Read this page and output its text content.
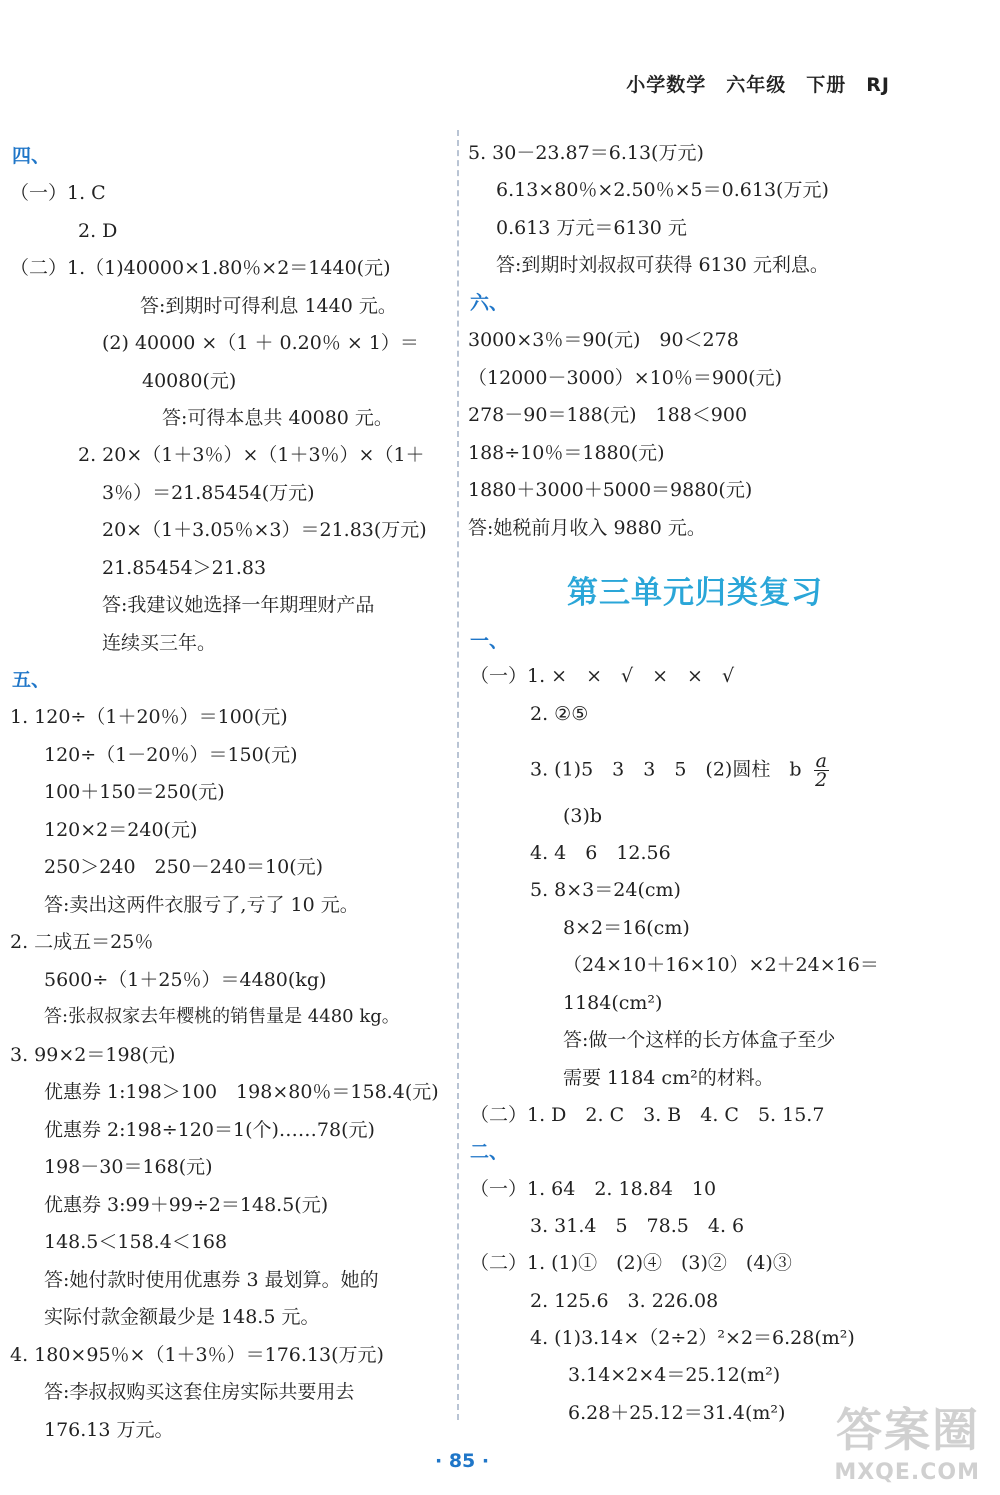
小学数学　六年级　下册　RJ
四、
（一）1. C
2. D
（二）1.（1)40000×1.80％×2＝1440(元)
答:到期时可得利息 1440 元。
(2) 40000 ×（1 ＋ 0.20％ × 1）＝
40080(元)
答:可得本息共 40080 元。
2. 20×（1＋3％）×（1＋3％）×（1＋
3％）＝21.85454(万元)
20×（1＋3.05％×3）＝21.83(万元)
21.85454＞21.83
答:我建议她选择一年期理财产品
连续买三年。
五、
1. 120÷（1＋20％）＝100(元)
120÷（1－20％）＝150(元)
100＋150＝250(元)
120×2＝240(元)
250＞240　250－240＝10(元)
答:卖出这两件衣服亏了,亏了 10 元。
2. 二成五＝25％
5600÷（1＋25％）＝4480(kg)
答:张叔叔家去年樱桃的销售量是 4480 kg。
3. 99×2＝198(元)
优惠券 1:198＞100　198×80％＝158.4(元)
优惠券 2:198÷120＝1(个)……78(元)
198－30＝168(元)
优惠券 3:99＋99÷2＝148.5(元)
148.5＜158.4＜168
答:她付款时使用优惠券 3 最划算。她的
实际付款金额最少是 148.5 元。
4. 180×95％×（1＋3％）＝176.13(万元)
答:李叔叔购买这套住房实际共要用去
176.13 万元。
5. 30－23.87＝6.13(万元)
6.13×80％×2.50％×5＝0.613(万元)
0.613 万元＝6130 元
答:到期时刘叔叔可获得 6130 元利息。
六、
3000×3％＝90(元)　90＜278
（12000－3000）×10％＝900(元)
278－90＝188(元)　188＜900
188÷10％＝1880(元)
1880＋3000＋5000＝9880(元)
答:她税前月收入 9880 元。
第三单元归类复习
一、
（一）1. ×　×　√　×　×　√
2. ②⑤
3. (1)5　3　3　5　(2)圆柱　b $\frac{a}{2}$
(3)b
4. 4　6　12.56
5. 8×3＝24(cm)
8×2＝16(cm)
（24×10＋16×10）×2＋24×16＝
1184(cm²)
答:做一个这样的长方体盒子至少
需要 1184 cm²的材料。
（二）1. D　2. C　3. B　4. C　5. 15.7
二、
（一）1. 64　2. 18.84　10
3. 31.4　5　78.5　4. 6
（二）1. (1)①　(2)④　(3)②　(4)③
2. 125.6　3. 226.08
4. (1)3.14×（2÷2）²×2＝6.28(m²)
3.14×2×4＝25.12(m²)
6.28＋25.12＝31.4(m²)
· 85 ·
答案圈
MXQE.COM
